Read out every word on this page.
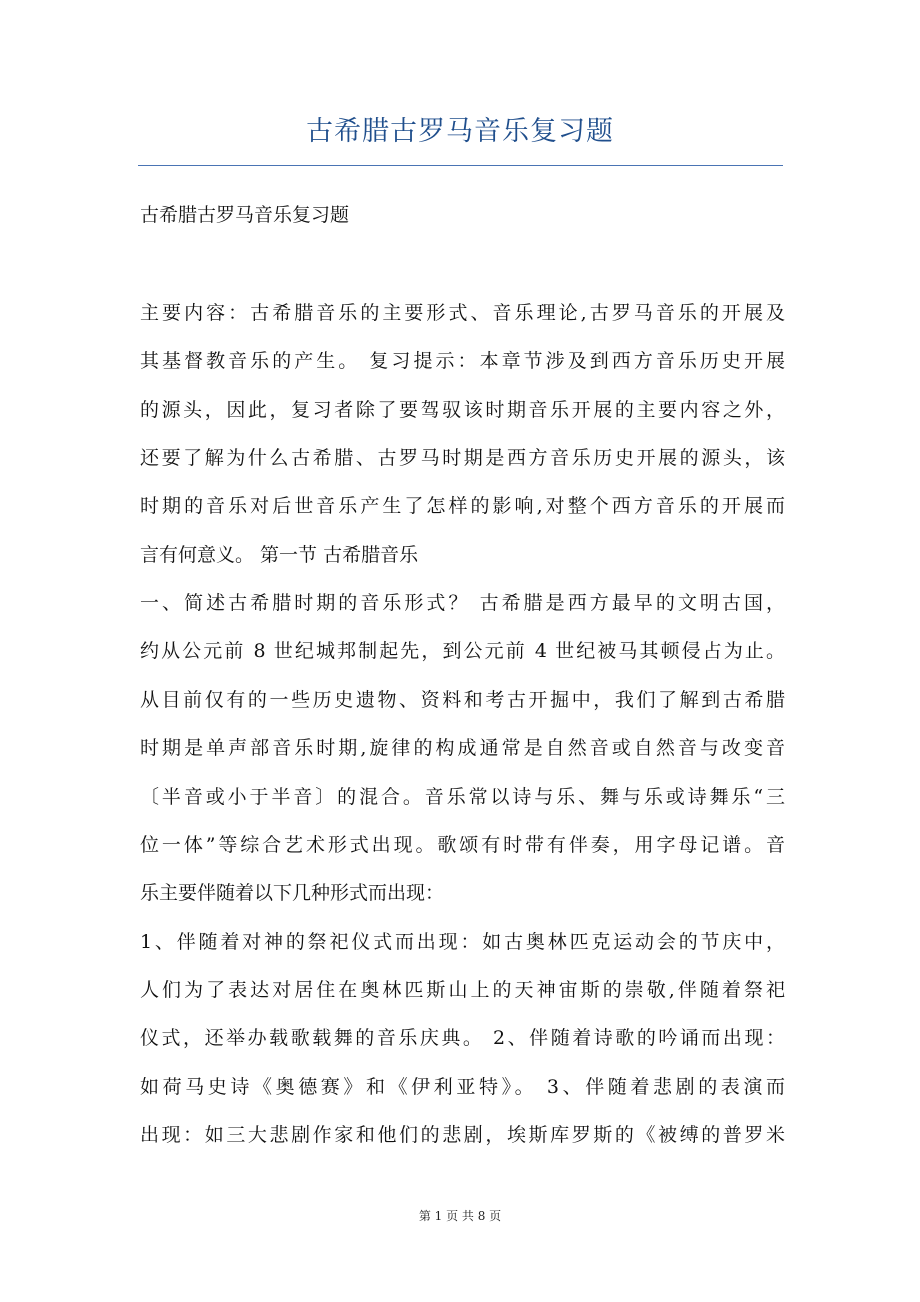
古希腊古罗马音乐复习题
古希腊古罗马音乐复习题
主要内容：古希腊音乐的主要形式、音乐理论,古罗马音乐的开展及
其基督教音乐的产生。 复习提示：本章节涉及到西方音乐历史开展
的源头，因此，复习者除了要驾驭该时期音乐开展的主要内容之外，
还要了解为什么古希腊、古罗马时期是西方音乐历史开展的源头，该
时期的音乐对后世音乐产生了怎样的影响,对整个西方音乐的开展而
言有何意义。 第一节 古希腊音乐
一、简述古希腊时期的音乐形式？ 古希腊是西方最早的文明古国，
约从公元前 8 世纪城邦制起先，到公元前 4 世纪被马其顿侵占为止。
从目前仅有的一些历史遗物、资料和考古开掘中，我们了解到古希腊
时期是单声部音乐时期,旋律的构成通常是自然音或自然音与改变音
〔半音或小于半音〕的混合。音乐常以诗与乐、舞与乐或诗舞乐“三
位一体”等综合艺术形式出现。歌颂有时带有伴奏，用字母记谱。音
乐主要伴随着以下几种形式而出现：
1、伴随着对神的祭祀仪式而出现：如古奥林匹克运动会的节庆中，
人们为了表达对居住在奥林匹斯山上的天神宙斯的崇敬,伴随着祭祀
仪式，还举办载歌载舞的音乐庆典。 2、伴随着诗歌的吟诵而出现：
如荷马史诗《奥德赛》和《伊利亚特》。 3、伴随着悲剧的表演而
第 1 页 共 8 页
出现：如三大悲剧作家和他们的悲剧，埃斯库罗斯的《被缚的普罗米
